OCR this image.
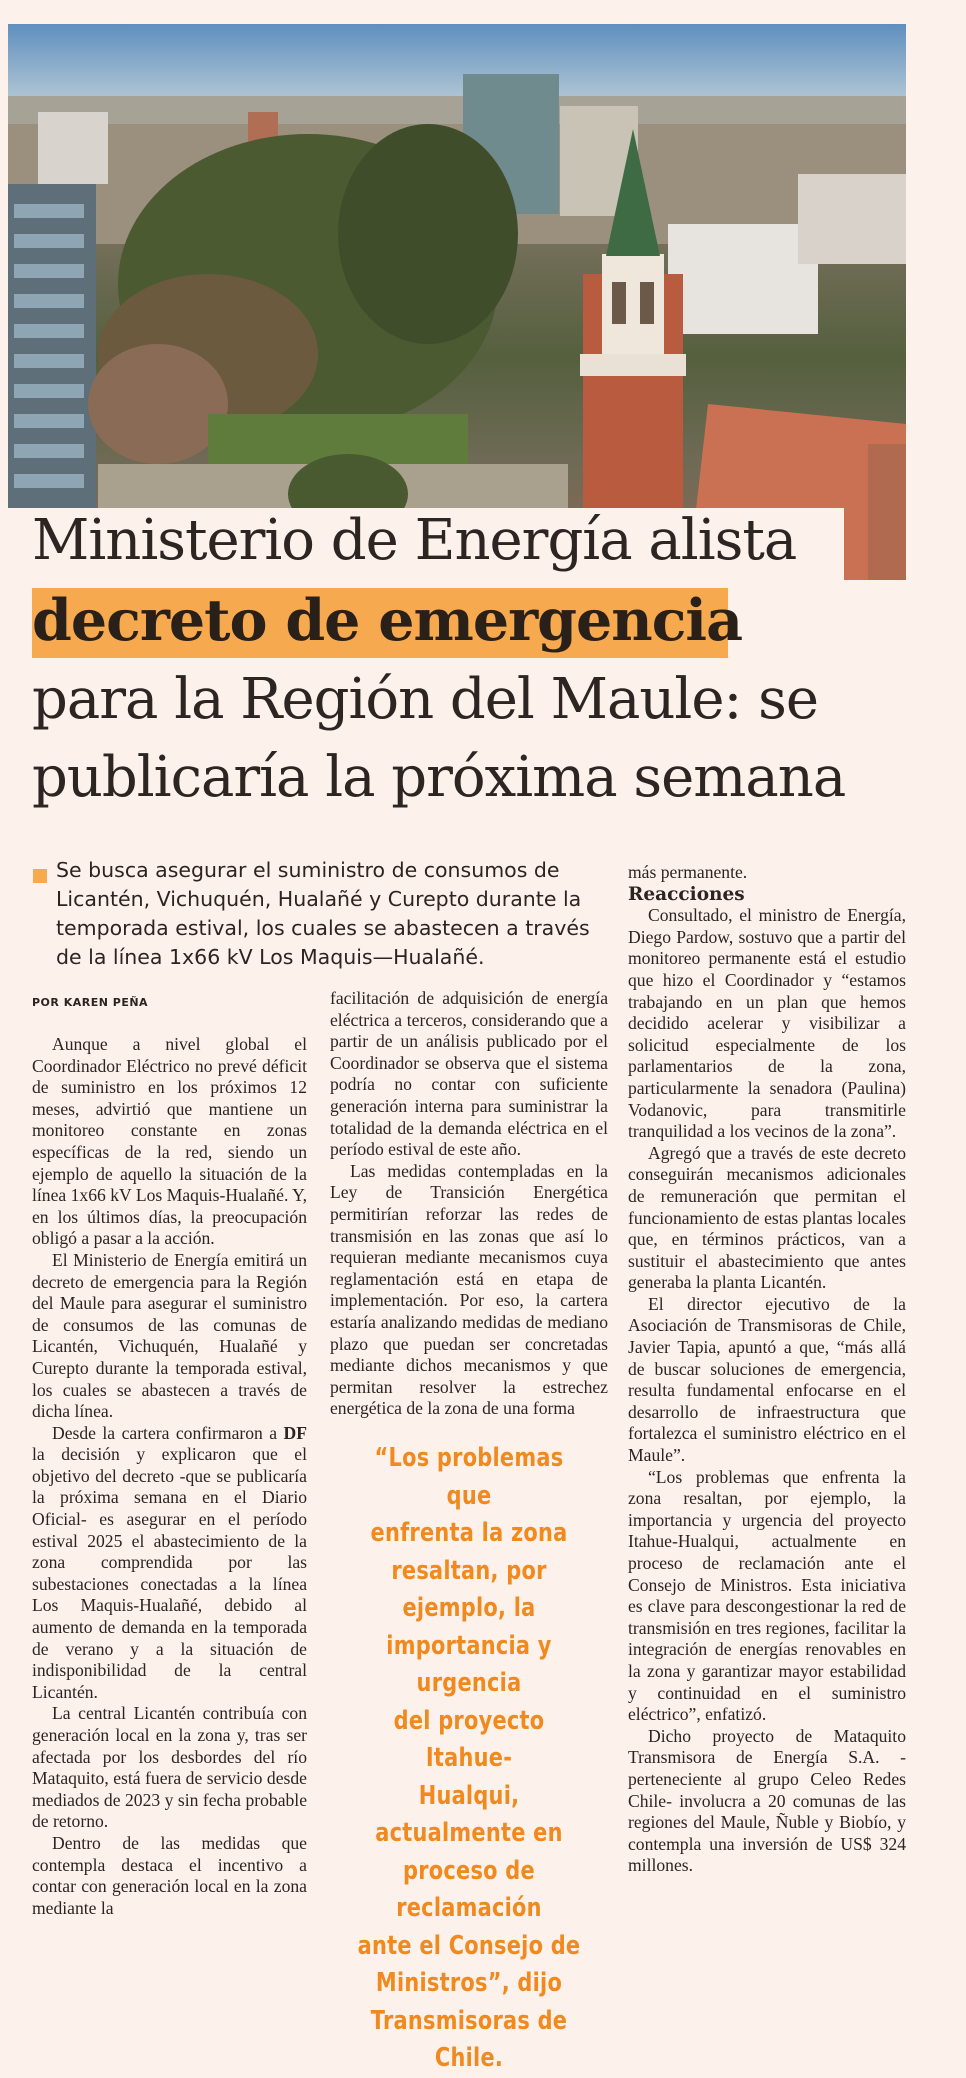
Ministerio de Energía alista
decreto de emergencia
para la Región del Maule: se
publicaría la próxima semana
Se busca asegurar el suministro de consumos de
Licantén, Vichuquén, Hualañé y Curepto durante la
temporada estival, los cuales se abastecen a través
de la línea 1x66 kV Los Maquis—Hualañé.
POR KAREN PEÑA

Aunque a nivel global el Coordinador Eléctrico no prevé déficit de suministro en los próximos 12 meses, advirtió que mantiene un monitoreo constante en zonas específicas de la red, siendo un ejemplo de aquello la situación de la línea 1x66 kV Los Maquis-Hualañé. Y, en los últimos días, la preocupación obligó a pasar a la acción.

El Ministerio de Energía emitirá un decreto de emergencia para la Región del Maule para asegurar el suministro de consumos de las comunas de Licantén, Vichuquén, Hualañé y Curepto durante la temporada estival, los cuales se abastecen a través de dicha línea.

Desde la cartera confirmaron a DF la decisión y explicaron que el objetivo del decreto -que se publicaría la próxima semana en el Diario Oficial- es asegurar en el período estival 2025 el abastecimiento de la zona comprendida por las subestaciones conectadas a la línea Los Maquis-Hualañé, debido al aumento de demanda en la temporada de verano y a la situación de indisponibilidad de la central Licantén.

La central Licantén contribuía con generación local en la zona y, tras ser afectada por los desbordes del río Mataquito, está fuera de servicio desde mediados de 2023 y sin fecha probable de retorno.

Dentro de las medidas que contempla destaca el incentivo a contar con generación local en la zona mediante la

facilitación de adquisición de energía eléctrica a terceros, considerando que a partir de un análisis publicado por el Coordinador se observa que el sistema podría no contar con suficiente generación interna para suministrar la totalidad de la demanda eléctrica en el período estival de este año.

Las medidas contempladas en la Ley de Transición Energética permitirían reforzar las redes de transmisión en las zonas que así lo requieran mediante mecanismos cuya reglamentación está en etapa de implementación. Por eso, la cartera estaría analizando medidas de mediano plazo que puedan ser concretadas mediante dichos mecanismos y que permitan resolver la estrechez energética de la zona de una forma

“Los problemas que
enfrenta la zona
resaltan, por ejemplo, la
importancia y urgencia
del proyecto Itahue-
Hualqui, actualmente en
proceso de reclamación
ante el Consejo de
Ministros”, dijo
Transmisoras de Chile.

más permanente.

Reacciones

Consultado, el ministro de Energía, Diego Pardow, sostuvo que a partir del monitoreo permanente está el estudio que hizo el Coordinador y “estamos trabajando en un plan que hemos decidido acelerar y visibilizar a solicitud especialmente de los parlamentarios de la zona, particularmente la senadora (Paulina) Vodanovic, para transmitirle tranquilidad a los vecinos de la zona”.

Agregó que a través de este decreto conseguirán mecanismos adicionales de remuneración que permitan el funcionamiento de estas plantas locales que, en términos prácticos, van a sustituir el abastecimiento que antes generaba la planta Licantén.

El director ejecutivo de la Asociación de Transmisoras de Chile, Javier Tapia, apuntó a que, “más allá de buscar soluciones de emergencia, resulta fundamental enfocarse en el desarrollo de infraestructura que fortalezca el suministro eléctrico en el Maule”.

“Los problemas que enfrenta la zona resaltan, por ejemplo, la importancia y urgencia del proyecto Itahue-Hualqui, actualmente en proceso de reclamación ante el Consejo de Ministros. Esta iniciativa es clave para descongestionar la red de transmisión en tres regiones, facilitar la integración de energías renovables en la zona y garantizar mayor estabilidad y continuidad en el suministro eléctrico”, enfatizó.

Dicho proyecto de Mataquito Transmisora de Energía S.A. -perteneciente al grupo Celeo Redes Chile- involucra a 20 comunas de las regiones del Maule, Ñuble y Biobío, y contempla una inversión de US$ 324 millones.
